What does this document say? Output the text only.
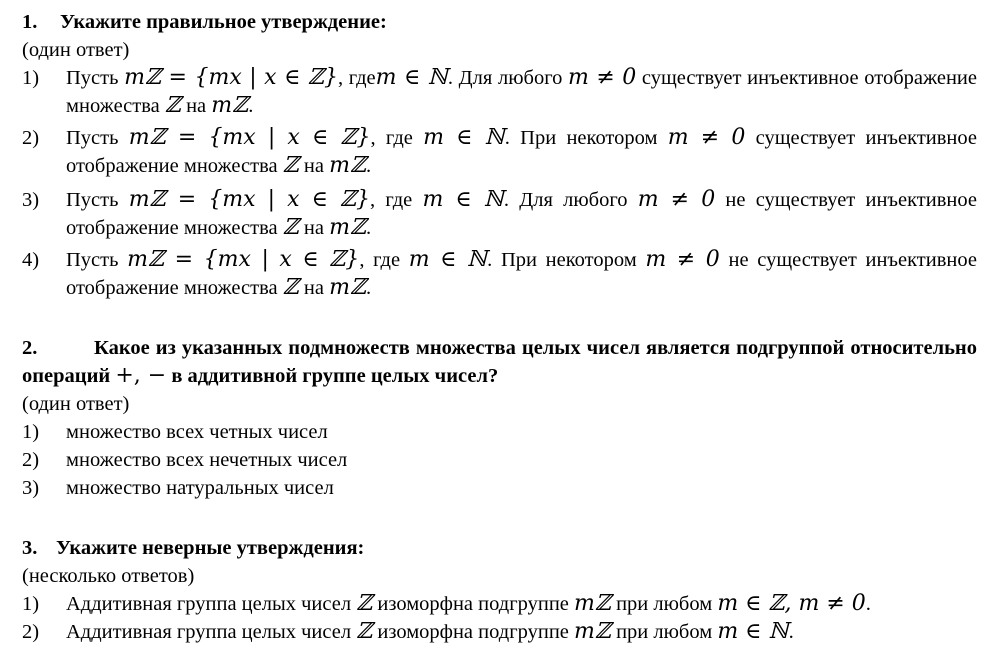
1. Укажите правильное утверждение:

(один ответ)

1) Пусть mℤ = {mx | x ∈ ℤ}, гдеm ∈ ℕ. Для любого m ≠ 0 существует инъективное отображение множества ℤ на mℤ.

2) Пусть mℤ = {mx | x ∈ ℤ}, где m ∈ ℕ. При некотором m ≠ 0 существует инъективное отображение множества ℤ на mℤ.

3) Пусть mℤ = {mx | x ∈ ℤ}, где m ∈ ℕ. Для любого m ≠ 0 не существует инъективное отображение множества ℤ на mℤ.

4) Пусть mℤ = {mx | x ∈ ℤ}, где m ∈ ℕ. При некотором m ≠ 0 не существует инъективное отображение множества ℤ на mℤ.

2.	Какое из указанных подмножеств множества целых чисел является подгруппой относительно операций +, − в аддитивной группе целых чисел?

(один ответ)

1) множество всех четных чисел

2) множество всех нечетных чисел

3) множество натуральных чисел

3. Укажите неверные утверждения:

(несколько ответов)

1) Аддитивная группа целых чисел ℤ изоморфна подгруппе mℤ при любом m ∈ ℤ, m ≠ 0.

2) Аддитивная группа целых чисел ℤ изоморфна подгруппе mℤ при любом m ∈ ℕ.
